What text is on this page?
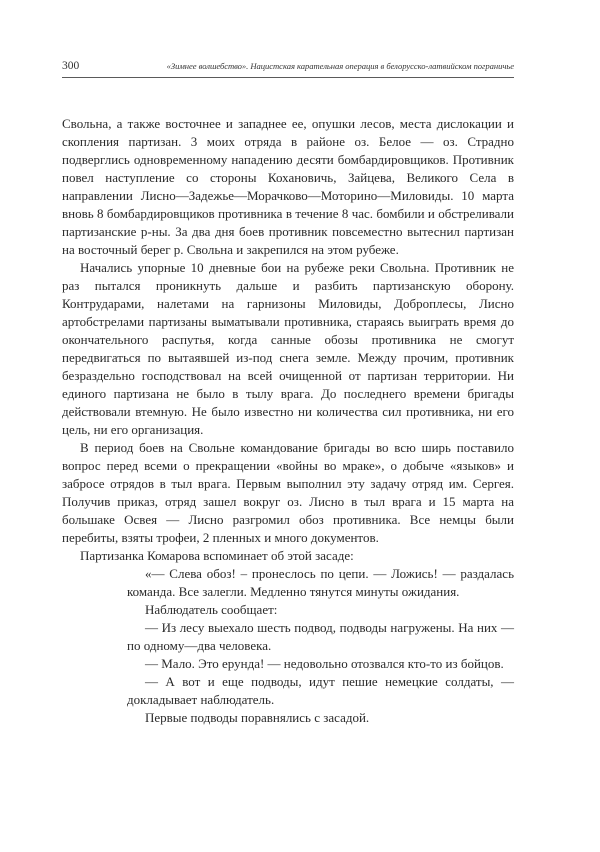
300	«Зимнее волшебство». Нацистская карательная операция в белорусско-латвийском пограничье

Свольна, а также восточнее и западнее ее, опушки лесов, места дислокации и скопления партизан. 3 моих отряда в районе оз. Белое — оз. Страдно подверглись одновременному нападению десяти бомбардировщиков. Противник повел наступление со стороны Кохановичь, Зайцева, Великого Села в направлении Лисно—Задежье—Морачково—Моторино—Миловиды. 10 марта вновь 8 бомбардировщиков противника в течение 8 час. бомбили и обстреливали партизанские р-ны. За два дня боев противник повсеместно вытеснил партизан на восточный берег р. Свольна и закрепился на этом рубеже.

Начались упорные 10 дневные бои на рубеже реки Свольна. Противник не раз пытался проникнуть дальше и разбить партизанскую оборону. Контрударами, налетами на гарнизоны Миловиды, Доброплесы, Лисно артобстрелами партизаны выматывали противника, стараясь выиграть время до окончательного распутья, когда санные обозы противника не смогут передвигаться по вытаявшей из-под снега земле. Между прочим, противник безраздельно господствовал на всей очищенной от партизан территории. Ни единого партизана не было в тылу врага. До последнего времени бригады действовали втемную. Не было известно ни количества сил противника, ни его цель, ни его организация.

В период боев на Свольне командование бригады во всю ширь поставило вопрос перед всеми о прекращении «войны во мраке», о добыче «языков» и забросе отрядов в тыл врага. Первым выполнил эту задачу отряд им. Сергея. Получив приказ, отряд зашел вокруг оз. Лисно в тыл врага и 15 марта на большаке Освея — Лисно разгромил обоз противника. Все немцы были перебиты, взяты трофеи, 2 пленных и много документов.

Партизанка Комарова вспоминает об этой засаде:

«— Слева обоз! – пронеслось по цепи. — Ложись! — раздалась команда. Все залегли. Медленно тянутся минуты ожидания.

Наблюдатель сообщает:

— Из лесу выехало шесть подвод, подводы нагружены. На них — по одному—два человека.

— Мало. Это ерунда! — недовольно отозвался кто-то из бойцов.

— А вот и еще подводы, идут пешие немецкие солдаты, — докладывает наблюдатель.

Первые подводы поравнялись с засадой.
